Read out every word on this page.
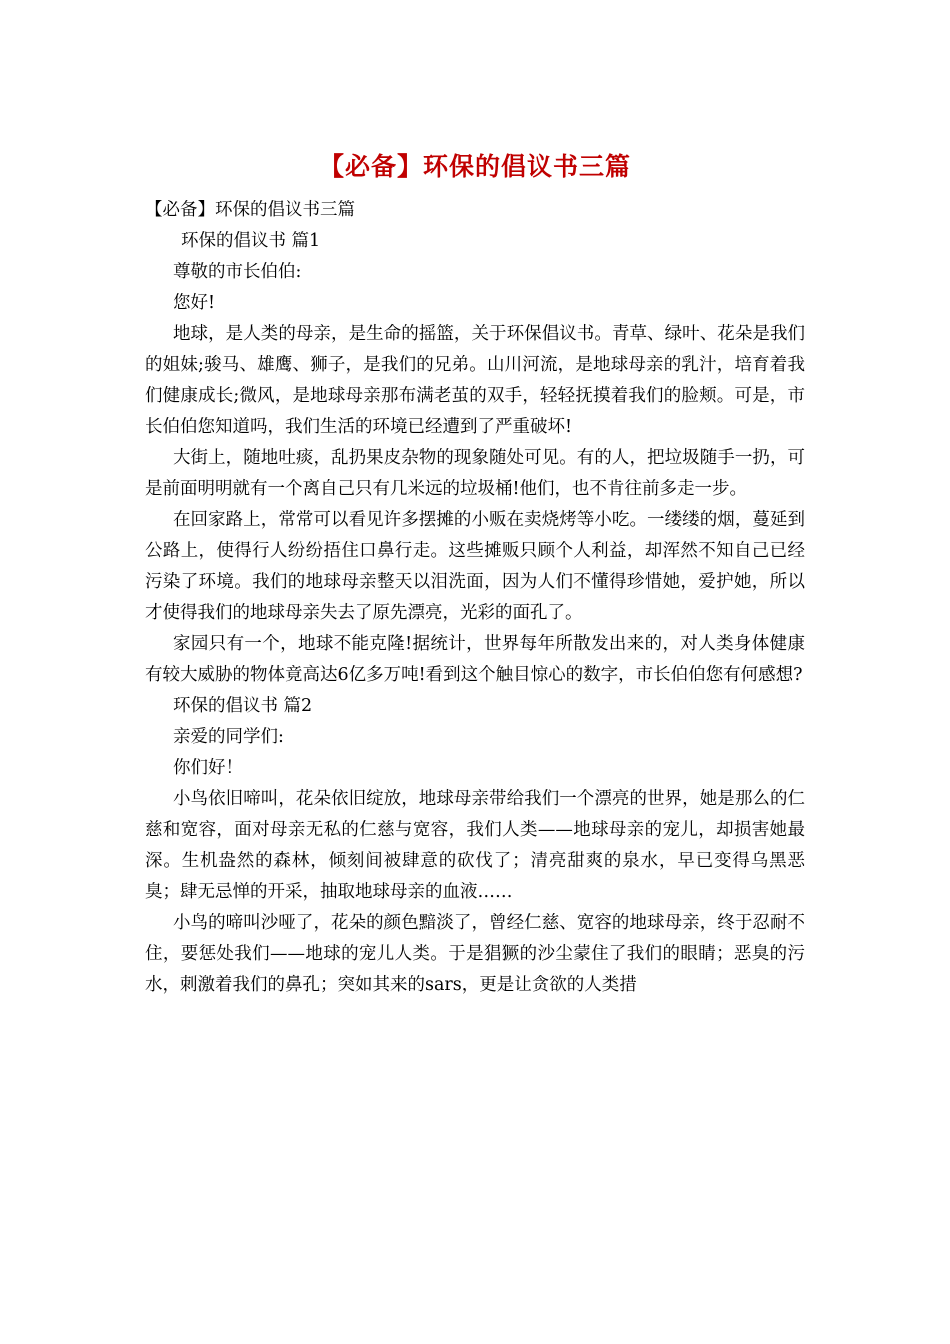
【必备】环保的倡议书三篇

【必备】环保的倡议书三篇

环保的倡议书 篇1

尊敬的市长伯伯:

您好!

地球，是人类的母亲，是生命的摇篮，关于环保倡议书。青草、绿叶、花朵是我们的姐妹;骏马、雄鹰、狮子，是我们的兄弟。山川河流，是地球母亲的乳汁，培育着我们健康成长;微风，是地球母亲那布满老茧的双手，轻轻抚摸着我们的脸颊。可是，市长伯伯您知道吗，我们生活的环境已经遭到了严重破坏!

大街上，随地吐痰，乱扔果皮杂物的现象随处可见。有的人，把垃圾随手一扔，可是前面明明就有一个离自己只有几米远的垃圾桶!他们，也不肯往前多走一步。

在回家路上，常常可以看见许多摆摊的小贩在卖烧烤等小吃。一缕缕的烟，蔓延到公路上，使得行人纷纷捂住口鼻行走。这些摊贩只顾个人利益，却浑然不知自己已经污染了环境。我们的地球母亲整天以泪洗面，因为人们不懂得珍惜她，爱护她，所以才使得我们的地球母亲失去了原先漂亮，光彩的面孔了。

家园只有一个，地球不能克隆!据统计，世界每年所散发出来的，对人类身体健康有较大威胁的物体竟高达6亿多万吨!看到这个触目惊心的数字，市长伯伯您有何感想?

环保的倡议书 篇2

亲爱的同学们:

你们好！

小鸟依旧啼叫，花朵依旧绽放，地球母亲带给我们一个漂亮的世界，她是那么的仁慈和宽容，面对母亲无私的仁慈与宽容，我们人类——地球母亲的宠儿，却损害她最深。生机盎然的森林，倾刻间被肆意的砍伐了；清亮甜爽的泉水，早已变得乌黑恶臭；肆无忌惮的开采，抽取地球母亲的血液……

小鸟的啼叫沙哑了，花朵的颜色黯淡了，曾经仁慈、宽容的地球母亲，终于忍耐不住，要惩处我们——地球的宠儿人类。于是猖獗的沙尘蒙住了我们的眼睛；恶臭的污水，刺激着我们的鼻孔；突如其来的sars，更是让贪欲的人类措
